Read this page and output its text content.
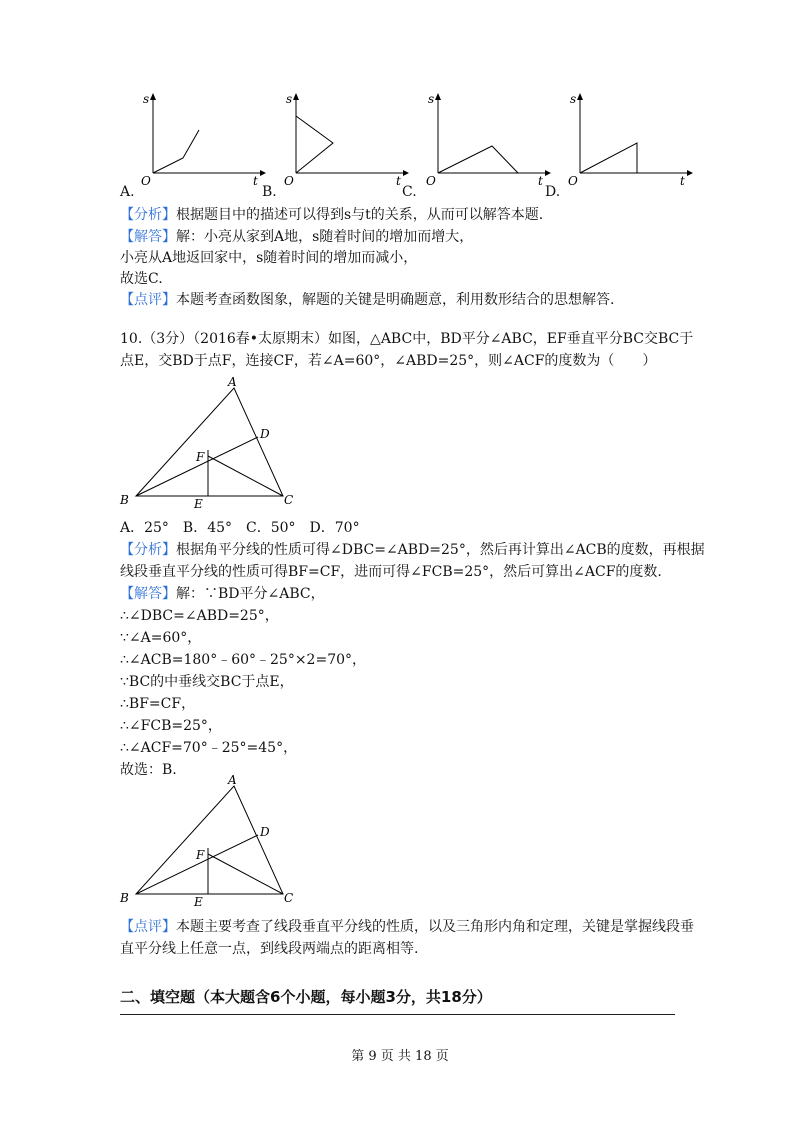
s
t
O
s
t
O
s
t
O
s
t
O
A.	B.	C.	D.
【分析】根据题目中的描述可以得到s与t的关系，从而可以解答本题.
【解答】解：小亮从家到A地，s随着时间的增加而增大，
小亮从A地返回家中，s随着时间的增加而减小，
故选C.
【点评】本题考查函数图象，解题的关键是明确题意，利用数形结合的思想解答.
10.（3分）（2016春•太原期末）如图，△ABC中，BD平分∠ABC，EF垂直平分BC交BC于
点E，交BD于点F，连接CF，若∠A=60°，∠ABD=25°，则∠ACF的度数为（　　）
A
B	C
D
E
F
A．25°　B．45°　C．50°　D．70°
【分析】根据角平分线的性质可得∠DBC=∠ABD=25°，然后再计算出∠ACB的度数，再根据
线段垂直平分线的性质可得BF=CF，进而可得∠FCB=25°，然后可算出∠ACF的度数.
【解答】解：∵BD平分∠ABC，
∴∠DBC=∠ABD=25°，
∵∠A=60°，
∴∠ACB=180°﹣60°﹣25°×2=70°，
∵BC的中垂线交BC于点E，
∴BF=CF，
∴∠FCB=25°，
∴∠ACF=70°﹣25°=45°，
故选：B.
A
B	C
D
E
F
【点评】本题主要考查了线段垂直平分线的性质，以及三角形内角和定理，关键是掌握线段垂
直平分线上任意一点，到线段两端点的距离相等.
二、填空题（本大题含6个小题，每小题3分，共18分）
第 9 页 共 18 页
